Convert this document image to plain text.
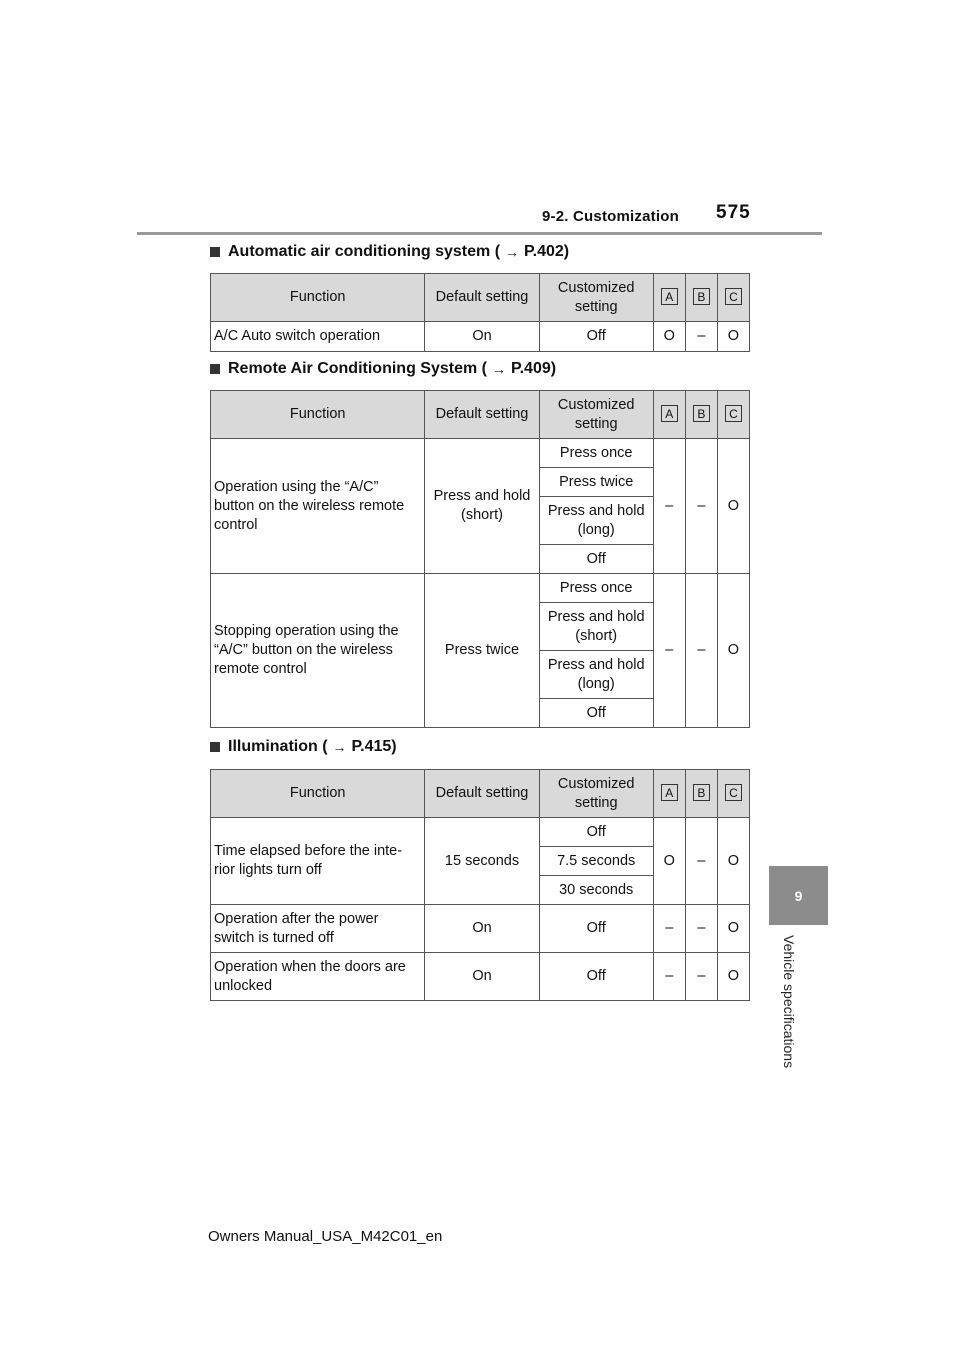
9-2. Customization 575
9
Vehicle specifications
Automatic air conditioning system ( → P.402)
Function	Default setting	Customized setting	A	B	C
A/C Auto switch operation	On	Off	O	–	O
Remote Air Conditioning System ( → P.409)
Function	Default setting	Customized setting	A	B	C
Operation using the “A/C” button on the wireless remote control	Press and hold (short)	Press once	–	–	O
		Press twice			
		Press and hold (long)			
		Off			
Stopping operation using the “A/C” button on the wireless remote control	Press twice	Press once	–	–	O
		Press and hold (short)			
		Press and hold (long)			
		Off			
Illumination ( → P.415)
Function	Default setting	Customized setting	A	B	C
Time elapsed before the inte- rior lights turn off	15 seconds	Off	O	–	O
		7.5 seconds			
		30 seconds			
Operation after the power switch is turned off	On	Off	–	–	O
Operation when the doors are unlocked	On	Off	–	–	O
Owners Manual_USA_M42C01_en
